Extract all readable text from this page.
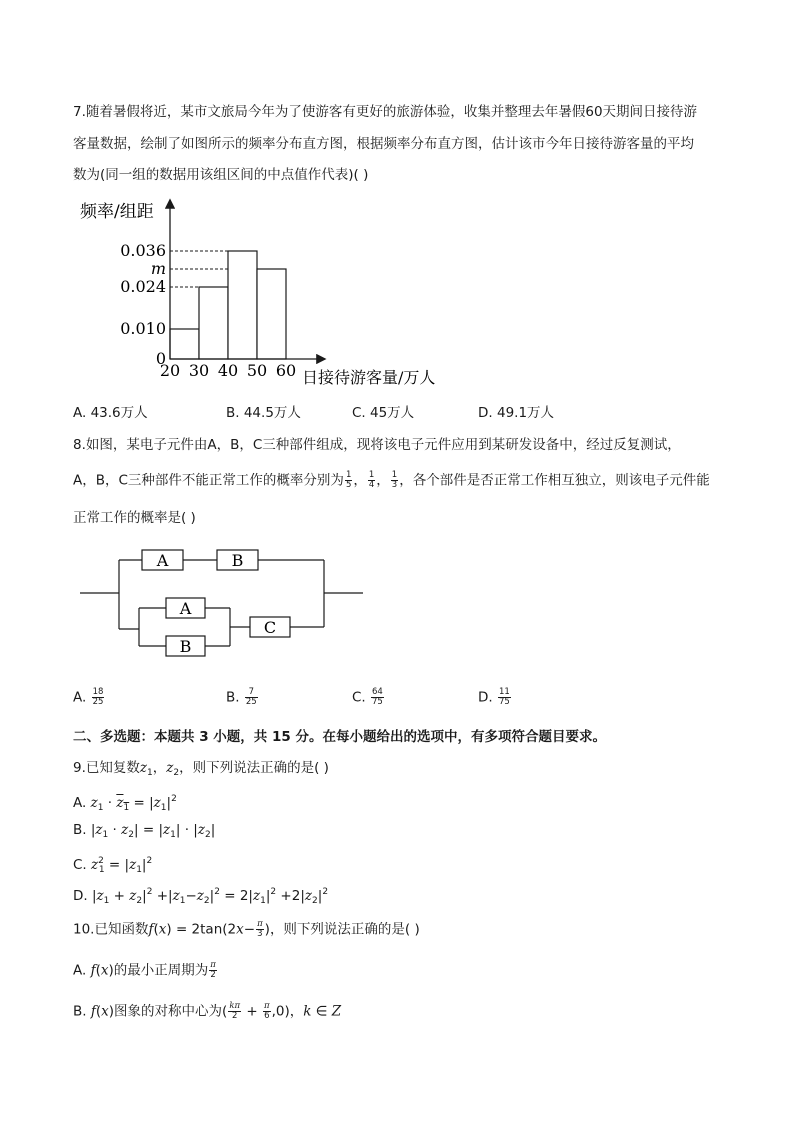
7.随着暑假将近，某市文旅局今年为了使游客有更好的旅游体验，收集并整理去年暑假60天期间日接待游
客量数据，绘制了如图所示的频率分布直方图，根据频率分布直方图，估计该市今年日接待游客量的平均
数为(同一组的数据用该组区间的中点值作代表)( )
0
0.010
0.024
m
0.036
20 30 40 50 60
频率/组距
日接待游客量/万人
A. 43.6万人	B. 44.5万人	C. 45万人	D. 49.1万人
8.如图，某电子元件由A，B，C三种部件组成，现将该电子元件应用到某研发设备中，经过反复测试，
A，B，C三种部件不能正常工作的概率分别为 $\frac{1}{5}$ ， $\frac{1}{4}$ ， $\frac{1}{3}$ ，各个部件是否正常工作相互独立，则该电子元件能
正常工作的概率是( )
A	B
A
B
C
A. $\frac{18}{25}$	B. $\frac{7}{25}$	C. $\frac{64}{75}$	D. $\frac{11}{75}$
二、多选题：本题共 3 小题，共 15 分。在每小题给出的选项中，有多项符合题目要求。
9.已知复数$z_1$，$z_2$，则下列说法正确的是( )
A. $z_1 \cdot z_1 = |z_1|^2$
B. $|z_1 \cdot z_2| = |z_1| \cdot |z_2|$
C. $z^2_1 = |z_1|^2$
D. $|z_1 + z_2|^2 +|z_1-z_2|^2 = 2|z_1|^2 +2|z_2|^2$
10.已知函数$f(x) = 2\tan(2x- \frac{\pi}{3}$ )，则下列说法正确的是( )
A. f(x)的最小正周期为 $\frac{\pi}{2}$
B. f(x)图象的对称中心为( $\frac{k\pi}{2} + \frac{\pi}{6} ,0$)，k ∈ Z
